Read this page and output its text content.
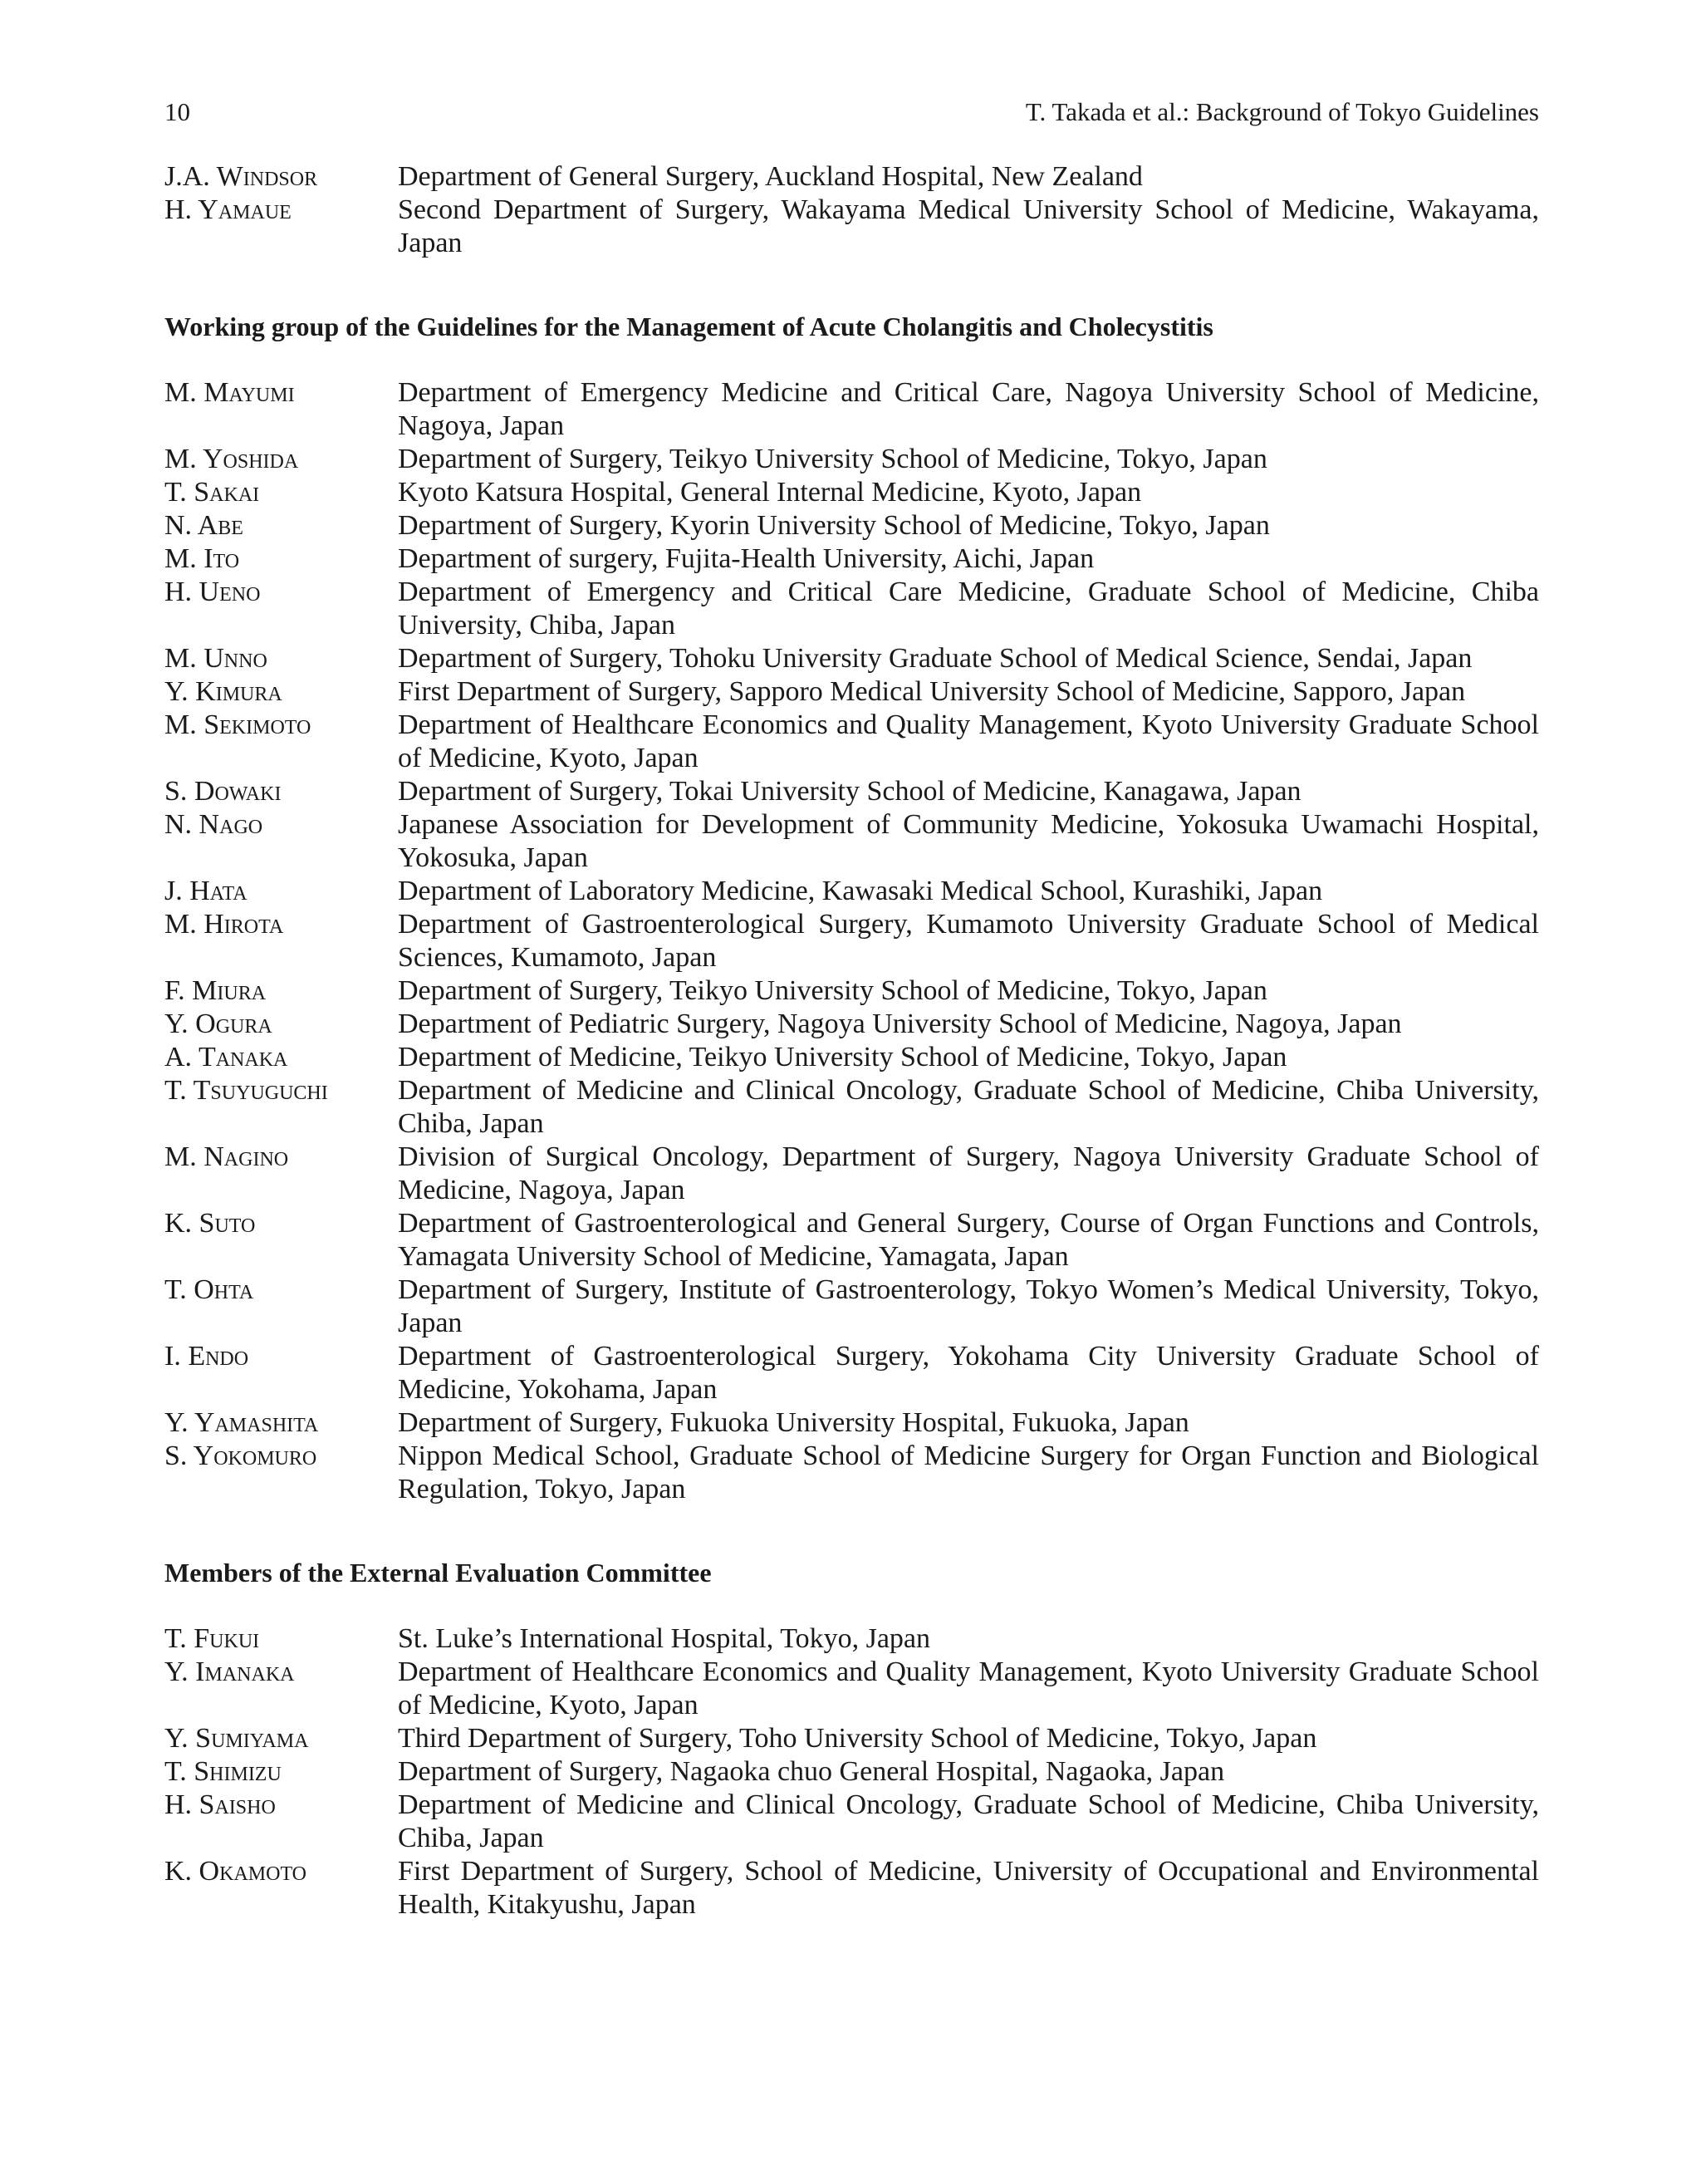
10	T. Takada et al.: Background of Tokyo Guidelines
J.A. Windsor	Department of General Surgery, Auckland Hospital, New Zealand
H. Yamaue	Second Department of Surgery, Wakayama Medical University School of Medicine, Wakayama, Japan
Working group of the Guidelines for the Management of Acute Cholangitis and Cholecystitis
M. Mayumi	Department of Emergency Medicine and Critical Care, Nagoya University School of Medicine, Nagoya, Japan
M. Yoshida	Department of Surgery, Teikyo University School of Medicine, Tokyo, Japan
T. Sakai	Kyoto Katsura Hospital, General Internal Medicine, Kyoto, Japan
N. Abe	Department of Surgery, Kyorin University School of Medicine, Tokyo, Japan
M. Ito	Department of surgery, Fujita-Health University, Aichi, Japan
H. Ueno	Department of Emergency and Critical Care Medicine, Graduate School of Medicine, Chiba University, Chiba, Japan
M. Unno	Department of Surgery, Tohoku University Graduate School of Medical Science, Sendai, Japan
Y. Kimura	First Department of Surgery, Sapporo Medical University School of Medicine, Sapporo, Japan
M. Sekimoto	Department of Healthcare Economics and Quality Management, Kyoto University Graduate School of Medicine, Kyoto, Japan
S. Dowaki	Department of Surgery, Tokai University School of Medicine, Kanagawa, Japan
N. Nago	Japanese Association for Development of Community Medicine, Yokosuka Uwamachi Hospital, Yokosuka, Japan
J. Hata	Department of Laboratory Medicine, Kawasaki Medical School, Kurashiki, Japan
M. Hirota	Department of Gastroenterological Surgery, Kumamoto University Graduate School of Medical Sciences, Kumamoto, Japan
F. Miura	Department of Surgery, Teikyo University School of Medicine, Tokyo, Japan
Y. Ogura	Department of Pediatric Surgery, Nagoya University School of Medicine, Nagoya, Japan
A. Tanaka	Department of Medicine, Teikyo University School of Medicine, Tokyo, Japan
T. Tsuyuguchi	Department of Medicine and Clinical Oncology, Graduate School of Medicine, Chiba University, Chiba, Japan
M. Nagino	Division of Surgical Oncology, Department of Surgery, Nagoya University Graduate School of Medicine, Nagoya, Japan
K. Suto	Department of Gastroenterological and General Surgery, Course of Organ Functions and Controls, Yamagata University School of Medicine, Yamagata, Japan
T. Ohta	Department of Surgery, Institute of Gastroenterology, Tokyo Women’s Medical University, Tokyo, Japan
I. Endo	Department of Gastroenterological Surgery, Yokohama City University Graduate School of Medicine, Yokohama, Japan
Y. Yamashita	Department of Surgery, Fukuoka University Hospital, Fukuoka, Japan
S. Yokomuro	Nippon Medical School, Graduate School of Medicine Surgery for Organ Function and Biological Regulation, Tokyo, Japan
Members of the External Evaluation Committee
T. Fukui	St. Luke’s International Hospital, Tokyo, Japan
Y. Imanaka	Department of Healthcare Economics and Quality Management, Kyoto University Graduate School of Medicine, Kyoto, Japan
Y. Sumiyama	Third Department of Surgery, Toho University School of Medicine, Tokyo, Japan
T. Shimizu	Department of Surgery, Nagaoka chuo General Hospital, Nagaoka, Japan
H. Saisho	Department of Medicine and Clinical Oncology, Graduate School of Medicine, Chiba University, Chiba, Japan
K. Okamoto	First Department of Surgery, School of Medicine, University of Occupational and Environmental Health, Kitakyushu, Japan
